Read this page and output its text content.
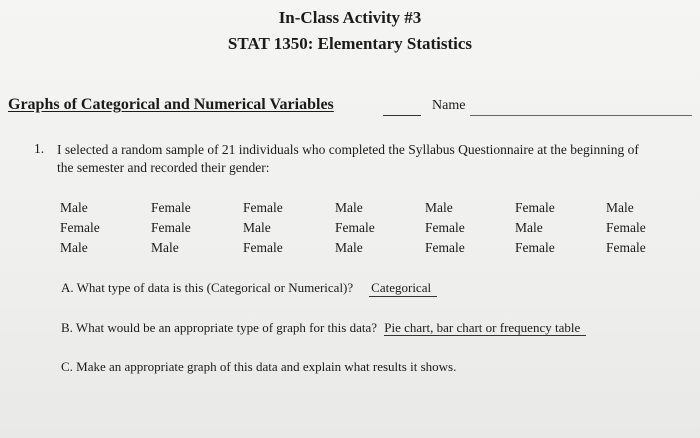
In-Class Activity #3
STAT 1350: Elementary Statistics
Graphs of Categorical and Numerical Variables	Name
1. I selected a random sample of 21 individuals who completed the Syllabus Questionnaire at the beginning of the semester and recorded their gender:
Male	Female	Female	Male	Male	Female	Male
Female	Female	Male	Female	Female	Male	Female
Male	Male	Female	Male	Female	Female	Female
A. What type of data is this (Categorical or Numerical)? Categorical
B. What would be an appropriate type of graph for this data? Pie chart, bar chart or frequency table
C. Make an appropriate graph of this data and explain what results it shows.
